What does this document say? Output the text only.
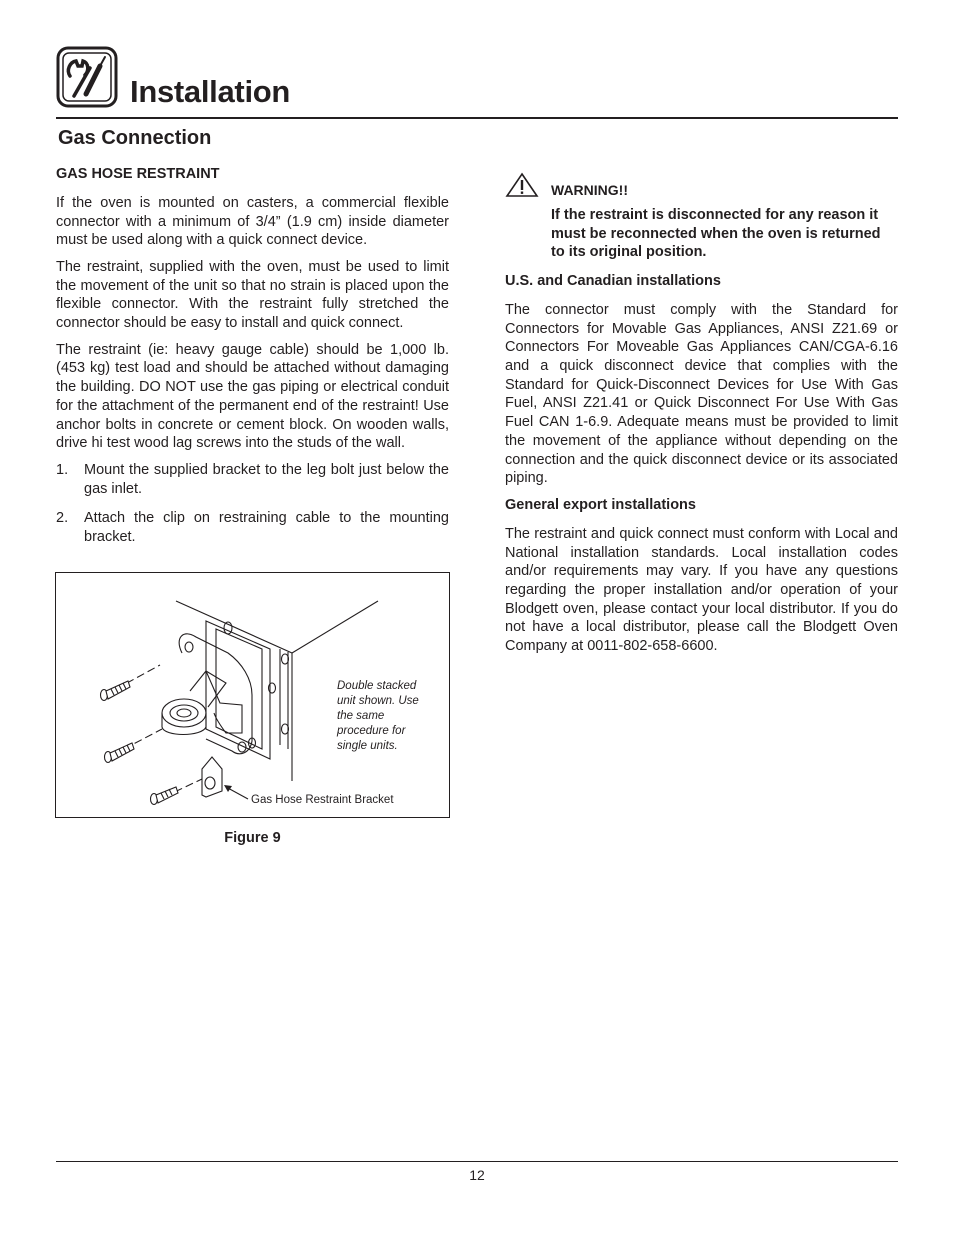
Installation
Gas Connection
GAS HOSE RESTRAINT

If the oven is mounted on casters, a commercial flexible connector with a minimum of 3/4” (1.9 cm) inside diameter must be used along with a quick connect device.

The restraint, supplied with the oven, must be used to limit the movement of the unit so that no strain is placed upon the flexible connector. With the restraint fully stretched the connector should be easy to install and quick connect.

The restraint (ie: heavy gauge cable) should be 1,000 lb. (453 kg) test load and should be attached without damaging the building. DO NOT use the gas piping or electrical conduit for the attachment of the permanent end of the restraint! Use anchor bolts in concrete or cement block. On wooden walls, drive hi test wood lag screws into the studs of the wall.

1.	Mount the supplied bracket to the leg bolt just below the gas inlet.
2.	Attach the clip on restraining cable to the mounting bracket.
Double stacked unit shown. Use the same procedure for single units.
Gas Hose Restraint Bracket
Figure 9
WARNING!!
If the restraint is disconnected for any reason it must be reconnected when the oven is returned to its original position.
U.S. and Canadian installations

The connector must comply with the Standard for Connectors for Movable Gas Appliances, ANSI Z21.69 or Connectors For Moveable Gas Appliances CAN/CGA-6.16 and a quick disconnect device that complies with the Standard for Quick-Disconnect Devices for Use With Gas Fuel, ANSI Z21.41 or Quick Disconnect For Use With Gas Fuel CAN 1-6.9. Adequate means must be provided to limit the movement of the appliance without depending on the connection and the quick disconnect device or its associated piping.

General export installations

The restraint and quick connect must conform with Local and National installation standards. Local installation codes and/or requirements may vary. If you have any questions regarding the proper installation and/or operation of your Blodgett oven, please contact your local distributor. If you do not have a local distributor, please call the Blodgett Oven Company at 0011-802-658-6600.

12
